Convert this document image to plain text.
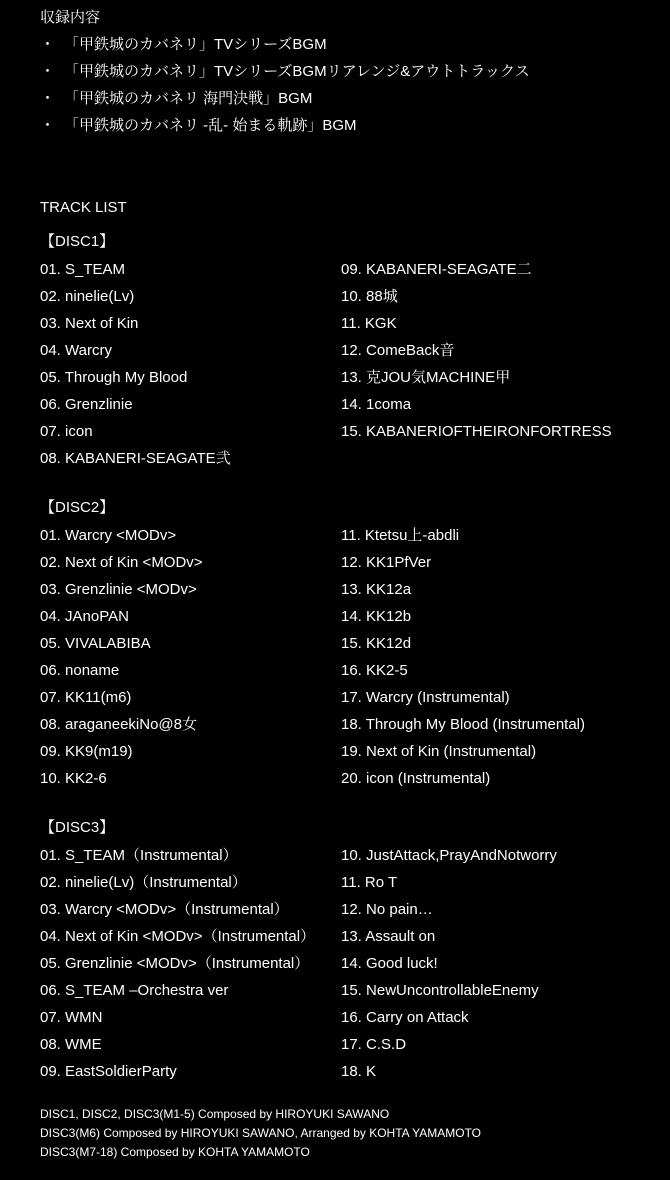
収録内容
・ 「甲鉄城のカバネリ」TVシリーズBGM
・ 「甲鉄城のカバネリ」TVシリーズBGMリアレンジ&アウトトラックス
・ 「甲鉄城のカバネリ 海門決戦」BGM
・ 「甲鉄城のカバネリ -乱- 始まる軌跡」BGM
TRACK LIST
【DISC1】
01. S_TEAM
02. ninelie(Lv)
03. Next of Kin
04. Warcry
05. Through My Blood
06. Grenzlinie
07. icon
08. KABANERI-SEAGATE弐
09. KABANERI-SEAGATE二
10. 88城
11. KGK
12. ComeBack音
13. 克JOU気MACHINE甲
14. 1coma
15. KABANERIOFTHEIRONFORTRESS
【DISC2】
01. Warcry <MODv>
02. Next of Kin <MODv>
03. Grenzlinie <MODv>
04. JAnoPAN
05. VIVALABIBA
06. noname
07. KK11(m6)
08. araganeekiNo@8女
09. KK9(m19)
10. KK2-6
11. Ktetsu上-abdli
12. KK1PfVer
13. KK12a
14. KK12b
15. KK12d
16. KK2-5
17. Warcry (Instrumental)
18. Through My Blood (Instrumental)
19. Next of Kin (Instrumental)
20. icon (Instrumental)
【DISC3】
01. S_TEAM（Instrumental）
02. ninelie(Lv)（Instrumental）
03. Warcry <MODv>（Instrumental）
04. Next of Kin <MODv>（Instrumental）
05. Grenzlinie <MODv>（Instrumental）
06. S_TEAM –Orchestra ver
07. WMN
08. WME
09. EastSoldierParty
10. JustAttack,PrayAndNotworry
11. Ro T
12. No pain…
13. Assault on
14. Good luck!
15. NewUncontrollableEnemy
16. Carry on Attack
17. C.S.D
18. K
DISC1, DISC2, DISC3(M1-5) Composed by HIROYUKI SAWANO
DISC3(M6) Composed by HIROYUKI SAWANO, Arranged by KOHTA YAMAMOTO
DISC3(M7-18) Composed by KOHTA YAMAMOTO
